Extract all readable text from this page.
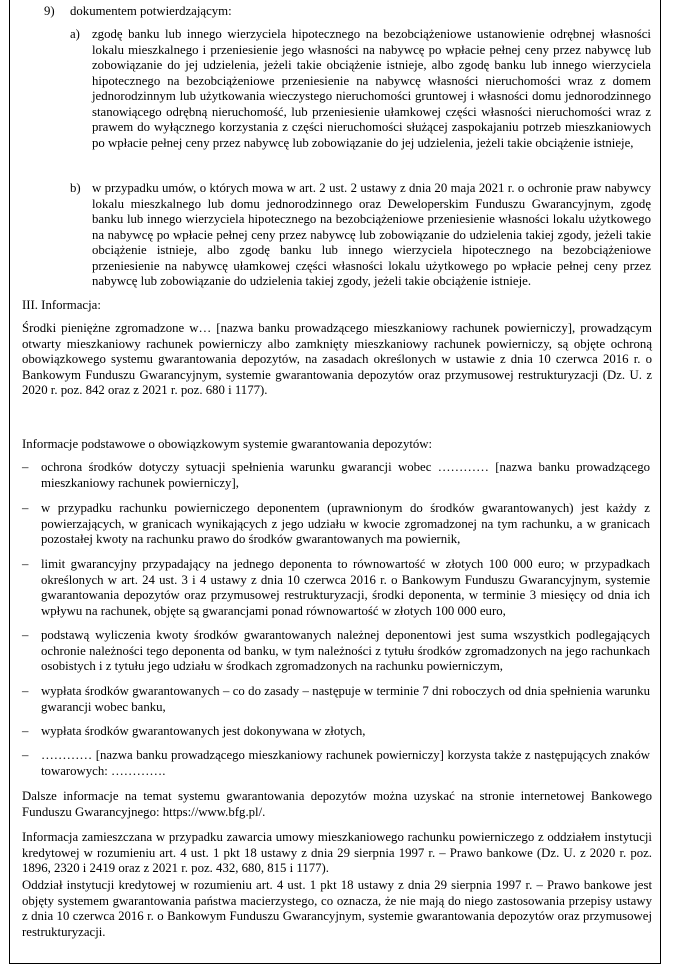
9) dokumentem potwierdzającym:
a) zgodę banku lub innego wierzyciela hipotecznego na bezobciążeniowe ustanowienie odrębnej własności lokalu mieszkalnego i przeniesienie jego własności na nabywcę po wpłacie pełnej ceny przez nabywcę lub zobowiązanie do jej udzielenia, jeżeli takie obciążenie istnieje, albo zgodę banku lub innego wierzyciela hipotecznego na bezobciążeniowe przeniesienie na nabywcę własności nieruchomości wraz z domem jednorodzinnym lub użytkowania wieczystego nieruchomości gruntowej i własności domu jednorodzinnego stanowiącego odrębną nieruchomość, lub przeniesienie ułamkowej części własności nieruchomości wraz z prawem do wyłącznego korzystania z części nieruchomości służącej zaspokajaniu potrzeb mieszkaniowych po wpłacie pełnej ceny przez nabywcę lub zobowiązanie do jej udzielenia, jeżeli takie obciążenie istnieje,

b) w przypadku umów, o których mowa w art. 2 ust. 2 ustawy z dnia 20 maja 2021 r. o ochronie praw nabywcy lokalu mieszkalnego lub domu jednorodzinnego oraz Deweloperskim Funduszu Gwarancyjnym, zgodę banku lub innego wierzyciela hipotecznego na bezobciążeniowe przeniesienie własności lokalu użytkowego na nabywcę po wpłacie pełnej ceny przez nabywcę lub zobowiązanie do udzielenia takiej zgody, jeżeli takie obciążenie istnieje, albo zgodę banku lub innego wierzyciela hipotecznego na bezobciążeniowe przeniesienie na nabywcę ułamkowej części własności lokalu użytkowego po wpłacie pełnej ceny przez nabywcę lub zobowiązanie do udzielenia takiej zgody, jeżeli takie obciążenie istnieje.

III. Informacja:

Środki pieniężne zgromadzone w… [nazwa banku prowadzącego mieszkaniowy rachunek powierniczy], prowadzącym otwarty mieszkaniowy rachunek powierniczy albo zamknięty mieszkaniowy rachunek powierniczy, są objęte ochroną obowiązkowego systemu gwarantowania depozytów, na zasadach określonych w ustawie z dnia 10 czerwca 2016 r. o Bankowym Funduszu Gwarancyjnym, systemie gwarantowania depozytów oraz przymusowej restrukturyzacji (Dz. U. z 2020 r. poz. 842 oraz z 2021 r. poz. 680 i 1177).

Informacje podstawowe o obowiązkowym systemie gwarantowania depozytów:
– ochrona środków dotyczy sytuacji spełnienia warunku gwarancji wobec ………… [nazwa banku prowadzącego mieszkaniowy rachunek powierniczy],

– w przypadku rachunku powierniczego deponentem (uprawnionym do środków gwarantowanych) jest każdy z powierzających, w granicach wynikających z jego udziału w kwocie zgromadzonej na tym rachunku, a w granicach pozostałej kwoty na rachunku prawo do środków gwarantowanych ma powiernik,

– limit gwarancyjny przypadający na jednego deponenta to równowartość w złotych 100 000 euro; w przypadkach określonych w art. 24 ust. 3 i 4 ustawy z dnia 10 czerwca 2016 r. o Bankowym Funduszu Gwarancyjnym, systemie gwarantowania depozytów oraz przymusowej restrukturyzacji, środki deponenta, w terminie 3 miesięcy od dnia ich wpływu na rachunek, objęte są gwarancjami ponad równowartość w złotych 100 000 euro,

– podstawą wyliczenia kwoty środków gwarantowanych należnej deponentowi jest suma wszystkich podlegających ochronie należności tego deponenta od banku, w tym należności z tytułu środków zgromadzonych na jego rachunkach osobistych i z tytułu jego udziału w środkach zgromadzonych na rachunku powierniczym,

– wypłata środków gwarantowanych – co do zasady – następuje w terminie 7 dni roboczych od dnia spełnienia warunku gwarancji wobec banku,

– wypłata środków gwarantowanych jest dokonywana w złotych,

– ………… [nazwa banku prowadzącego mieszkaniowy rachunek powierniczy] korzysta także z następujących znaków towarowych: ………….

Dalsze informacje na temat systemu gwarantowania depozytów można uzyskać na stronie internetowej Bankowego Funduszu Gwarancyjnego: https://www.bfg.pl/.

Informacja zamieszczana w przypadku zawarcia umowy mieszkaniowego rachunku powierniczego z oddziałem instytucji kredytowej w rozumieniu art. 4 ust. 1 pkt 18 ustawy z dnia 29 sierpnia 1997 r. – Prawo bankowe (Dz. U. z 2020 r. poz. 1896, 2320 i 2419 oraz z 2021 r. poz. 432, 680, 815 i 1177).

Oddział instytucji kredytowej w rozumieniu art. 4 ust. 1 pkt 18 ustawy z dnia 29 sierpnia 1997 r. – Prawo bankowe jest objęty systemem gwarantowania państwa macierzystego, co oznacza, że nie mają do niego zastosowania przepisy ustawy z dnia 10 czerwca 2016 r. o Bankowym Funduszu Gwarancyjnym, systemie gwarantowania depozytów oraz przymusowej restrukturyzacji.
